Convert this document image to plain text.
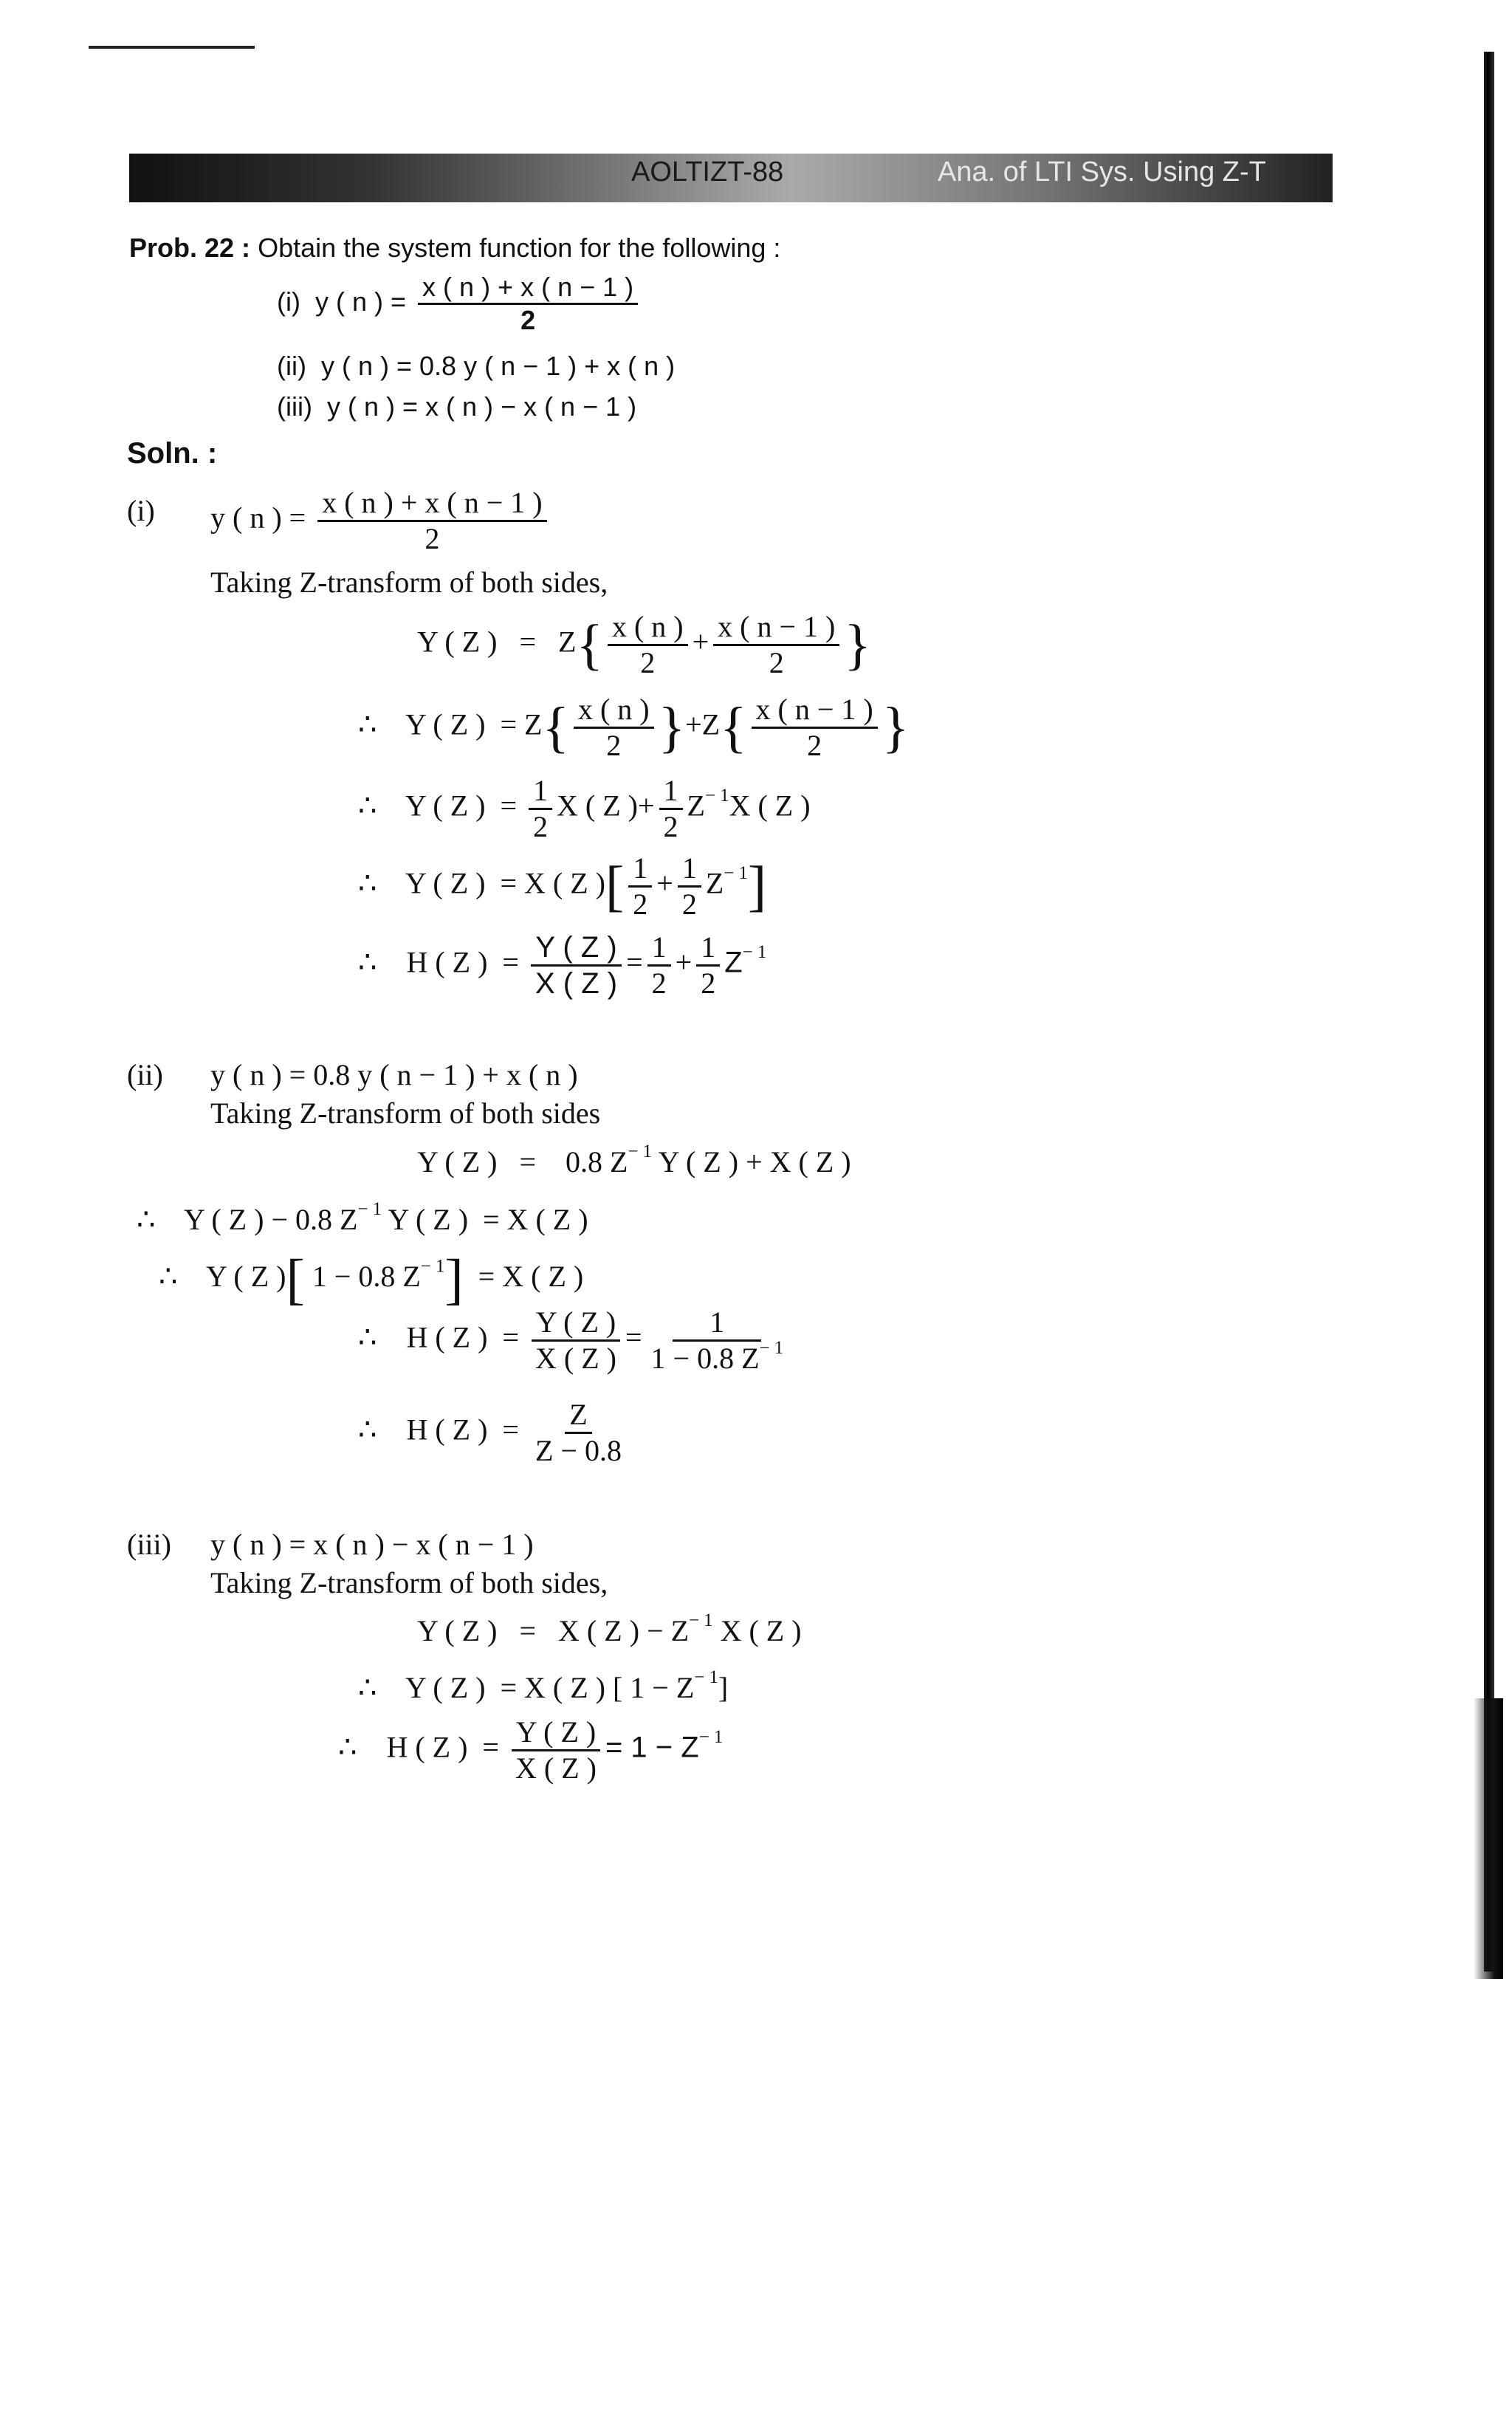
AOLTIZT-88	Ana. of LTI Sys. Using Z-T
Prob. 22 : Obtain the system function for the following :
(i) y ( n ) = $\frac{x ( n ) + x ( n - 1 )}{2}$
(ii) y ( n ) = 0.8 y ( n − 1 ) + x ( n )
(iii) y ( n ) = x ( n ) − x ( n − 1 )
Soln. :
(i) y ( n ) = $\frac{x ( n ) + x ( n - 1 )}{2}$
Taking Z-transform of both sides,
Y ( Z ) = $Z\{ \frac{x ( n )}{2} + \frac{x ( n - 1 )}{2}$ }
∴ Y ( Z ) = $Z\{ \frac{x ( n )}{2} \}+Z\{ \frac{x ( n - 1 )}{2}$ }
∴ Y ( Z ) = $\frac{1}{2}$ X ( Z )+ $\frac{1}{2} Z^{- 1}X$ ( Z )
∴ Y ( Z ) = X ( Z )[ $\frac{1}{2} + \frac{1}{2} Z^{- 1}$]
∴ H ( Z ) = $\frac{Y ( Z )}{X ( Z )} = \frac{1}{2} + \frac{1}{2} Z^{- 1}$
(ii) y ( n ) = 0.8 y ( n − 1 ) + x ( n )
Taking Z-transform of both sides
Y ( Z ) = 0.8 $Z^{- 1}$ Y ( Z ) + X ( Z )
∴ Y ( Z ) − 0.8 $Z^{- 1}$ Y ( Z ) = X ( Z )
∴ Y ( Z )[ 1 − 0.8 $Z^{- 1}] = X$ ( Z )
∴ H ( Z ) = $\frac{Y ( Z )}{X ( Z )} = \frac{1}{1 - 0.8 Z^{- 1}}$
∴ H ( Z ) = $\frac{Z}{Z - 0.8}$
(iii) y ( n ) = x ( n ) − x ( n − 1 )
Taking Z-transform of both sides,
Y ( Z ) = X ( Z ) − $Z^{- 1}$ X ( Z )
∴ Y ( Z ) = X ( Z ) [ $1 - Z^{- 1}$]
∴ H ( Z ) = $\frac{Y ( Z )}{X ( Z )} = 1 - Z^{- 1}$
